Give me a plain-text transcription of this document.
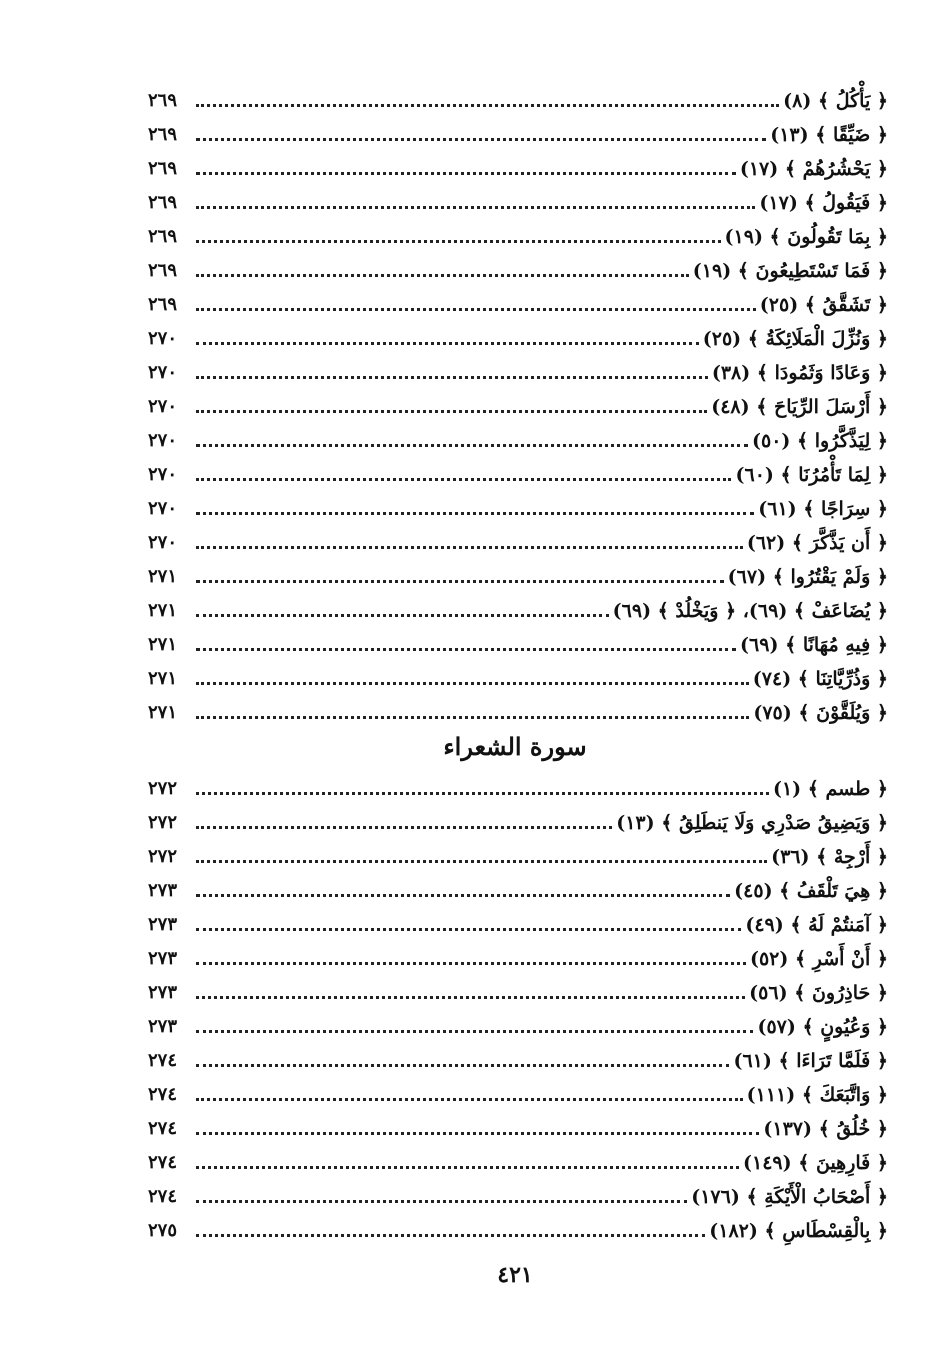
﴿ يَأْكُلُ ﴾ (٨)
٢٦٩
﴿ ضَيِّقًا ﴾ (١٣)
٢٦٩
﴿ يَحْشُرُهُمْ ﴾ (١٧)
٢٦٩
﴿ فَيَقُولُ ﴾ (١٧)
٢٦٩
﴿ بِمَا تَقُولُونَ ﴾ (١٩)
٢٦٩
﴿ فَمَا تَسْتَطِيعُونَ ﴾ (١٩)
٢٦٩
﴿ تَشَقَّقُ ﴾ (٢٥)
٢٦٩
﴿ وَنُزِّلَ الْمَلَائِكَةُ ﴾ (٢٥)
٢٧٠
﴿ وَعَادًا وَثَمُودَا ﴾ (٣٨)
٢٧٠
﴿ أَرْسَلَ الرِّيَاحَ ﴾ (٤٨)
٢٧٠
﴿ لِيَذَّكَّرُوا ﴾ (٥٠)
٢٧٠
﴿ لِمَا تَأْمُرُنَا ﴾ (٦٠)
٢٧٠
﴿ سِرَاجًا ﴾ (٦١)
٢٧٠
﴿ أَن يَذَّكَّرَ ﴾ (٦٢)
٢٧٠
﴿ وَلَمْ يَقْتُرُوا ﴾ (٦٧)
٢٧١
﴿ يُضَاعَفْ ﴾ (٦٩)، ﴿ وَيَخْلُدْ ﴾ (٦٩)
٢٧١
﴿ فِيهِ مُهَانًا ﴾ (٦٩)
٢٧١
﴿ وَذُرِّيَّاتِنَا ﴾ (٧٤)
٢٧١
﴿ وَيُلَقَّوْنَ ﴾ (٧٥)
٢٧١
سورة الشعراء
﴿ طسم ﴾ (١)
٢٧٢
﴿ وَيَضِيقُ صَدْرِي وَلَا يَنطَلِقُ ﴾ (١٣)
٢٧٢
﴿ أَرْجِهْ ﴾ (٣٦)
٢٧٢
﴿ هِيَ تَلْقَفُ ﴾ (٤٥)
٢٧٣
﴿ آمَنتُمْ لَهُ ﴾ (٤٩)
٢٧٣
﴿ أَنْ أَسْرِ ﴾ (٥٢)
٢٧٣
﴿ حَاذِرُونَ ﴾ (٥٦)
٢٧٣
﴿ وَعُيُونٍ ﴾ (٥٧)
٢٧٣
﴿ فَلَمَّا تَرَاءَا ﴾ (٦١)
٢٧٤
﴿ وَاتَّبَعَكَ ﴾ (١١١)
٢٧٤
﴿ خُلُقُ ﴾ (١٣٧)
٢٧٤
﴿ فَارِهِينَ ﴾ (١٤٩)
٢٧٤
﴿ أَصْحَابُ الْأَيْكَةِ ﴾ (١٧٦)
٢٧٤
﴿ بِالْقِسْطَاسِ ﴾ (١٨٢)
٢٧٥
٤٢١
